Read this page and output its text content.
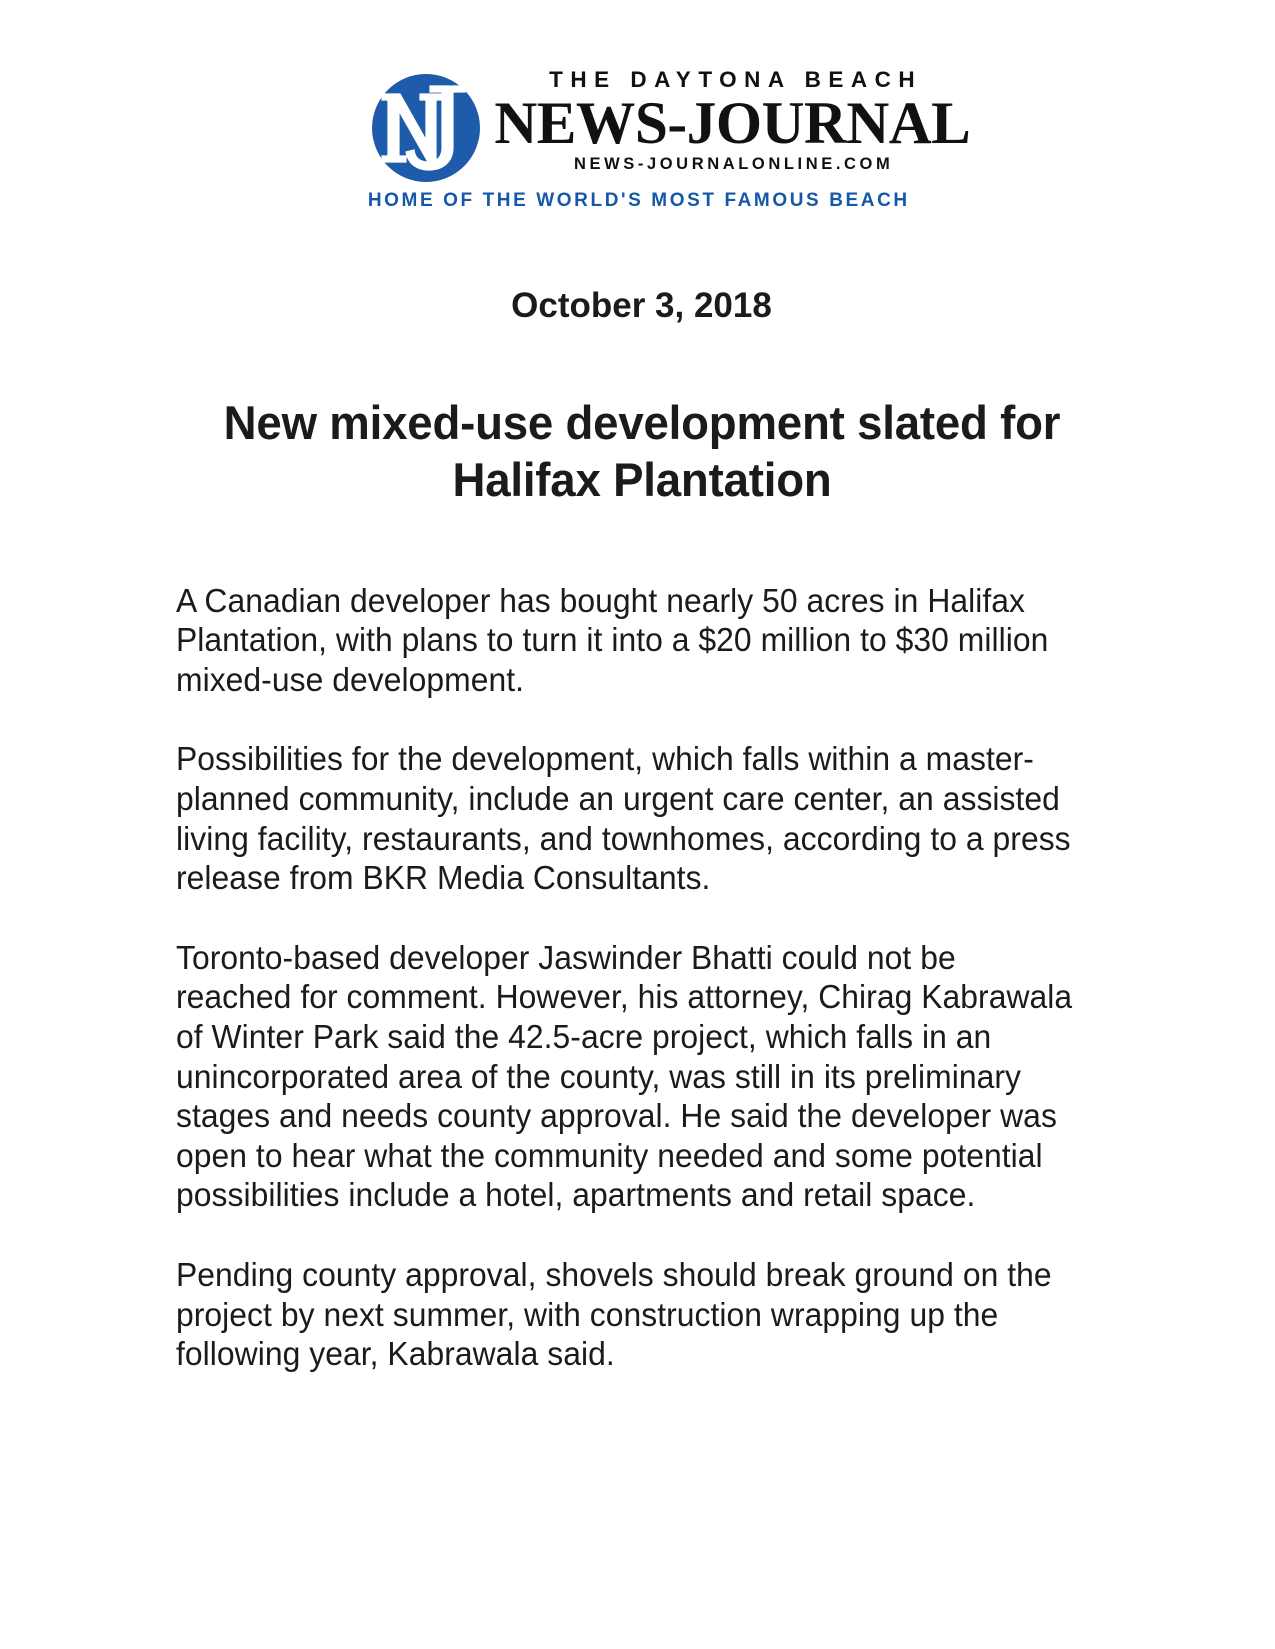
THE DAYTONA BEACH
NEWS-JOURNAL
NEWS-JOURNALONLINE.COM
HOME OF THE WORLD'S MOST FAMOUS BEACH
October 3, 2018
New mixed-use development slated for Halifax Plantation

A Canadian developer has bought nearly 50 acres in Halifax Plantation, with plans to turn it into a $20 million to $30 million mixed-use development.

Possibilities for the development, which falls within a master-planned community, include an urgent care center, an assisted living facility, restaurants, and townhomes, according to a press release from BKR Media Consultants.

Toronto-based developer Jaswinder Bhatti could not be reached for comment. However, his attorney, Chirag Kabrawala of Winter Park said the 42.5-acre project, which falls in an unincorporated area of the county, was still in its preliminary stages and needs county approval. He said the developer was open to hear what the community needed and some potential possibilities include a hotel, apartments and retail space.

Pending county approval, shovels should break ground on the project by next summer, with construction wrapping up the following year, Kabrawala said.
